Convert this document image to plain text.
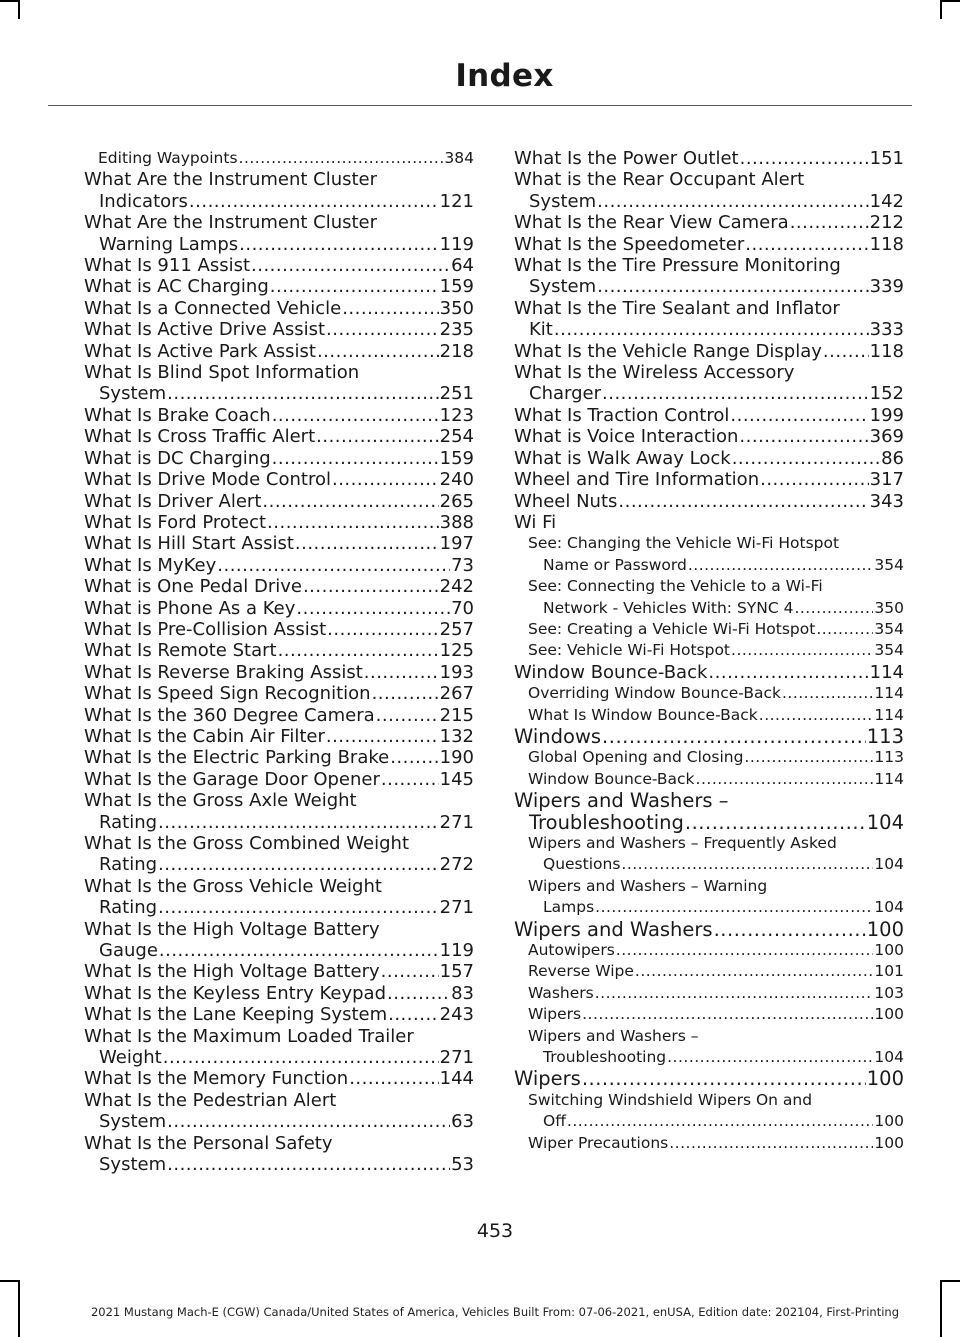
Index
Editing Waypoints .....	384
What Are the Instrument Cluster
Indicators .....	121
What Are the Instrument Cluster
Warning Lamps .....	119
What Is 911 Assist .....	64
What is AC Charging .....	159
What Is a Connected Vehicle .....	350
What Is Active Drive Assist .....	235
What Is Active Park Assist .....	218
What Is Blind Spot Information
System .....	251
What Is Brake Coach .....	123
What Is Cross Traffic Alert .....	254
What is DC Charging .....	159
What Is Drive Mode Control .....	240
What Is Driver Alert .....	265
What Is Ford Protect .....	388
What Is Hill Start Assist .....	197
What Is MyKey .....	73
What is One Pedal Drive .....	242
What is Phone As a Key .....	70
What Is Pre-Collision Assist .....	257
What Is Remote Start .....	125
What Is Reverse Braking Assist .....	193
What Is Speed Sign Recognition .....	267
What Is the 360 Degree Camera .....	215
What Is the Cabin Air Filter .....	132
What Is the Electric Parking Brake .....	190
What Is the Garage Door Opener .....	145
What Is the Gross Axle Weight
Rating .....	271
What Is the Gross Combined Weight
Rating .....	272
What Is the Gross Vehicle Weight
Rating .....	271
What Is the High Voltage Battery
Gauge .....	119
What Is the High Voltage Battery .....	157
What Is the Keyless Entry Keypad .....	83
What Is the Lane Keeping System .....	243
What Is the Maximum Loaded Trailer
Weight .....	271
What Is the Memory Function .....	144
What Is the Pedestrian Alert
System .....	63
What Is the Personal Safety
System .....	53
What Is the Power Outlet .....	151
What is the Rear Occupant Alert
System .....	142
What Is the Rear View Camera .....	212
What Is the Speedometer .....	118
What Is the Tire Pressure Monitoring
System .....	339
What Is the Tire Sealant and Inflator
Kit .....	333
What Is the Vehicle Range Display .....	118
What Is the Wireless Accessory
Charger .....	152
What Is Traction Control .....	199
What is Voice Interaction .....	369
What is Walk Away Lock .....	86
Wheel and Tire Information .....	317
Wheel Nuts .....	343
Wi Fi
See: Changing the Vehicle Wi-Fi Hotspot
Name or Password .....	354
See: Connecting the Vehicle to a Wi-Fi
Network - Vehicles With: SYNC 4 .....	350
See: Creating a Vehicle Wi-Fi Hotspot .....	354
See: Vehicle Wi-Fi Hotspot .....	354
Window Bounce-Back .....	114
Overriding Window Bounce-Back .....	114
What Is Window Bounce-Back .....	114
Windows .....	113
Global Opening and Closing .....	113
Window Bounce-Back .....	114
Wipers and Washers –
Troubleshooting .....	104
Wipers and Washers – Frequently Asked
Questions .....	104
Wipers and Washers – Warning
Lamps .....	104
Wipers and Washers .....	100
Autowipers .....	100
Reverse Wipe .....	101
Washers .....	103
Wipers .....	100
Wipers and Washers –
Troubleshooting .....	104
Wipers .....	100
Switching Windshield Wipers On and
Off .....	100
Wiper Precautions .....	100
453
2021 Mustang Mach-E (CGW) Canada/United States of America, Vehicles Built From: 07-06-2021, enUSA, Edition date: 202104, First-Printing
